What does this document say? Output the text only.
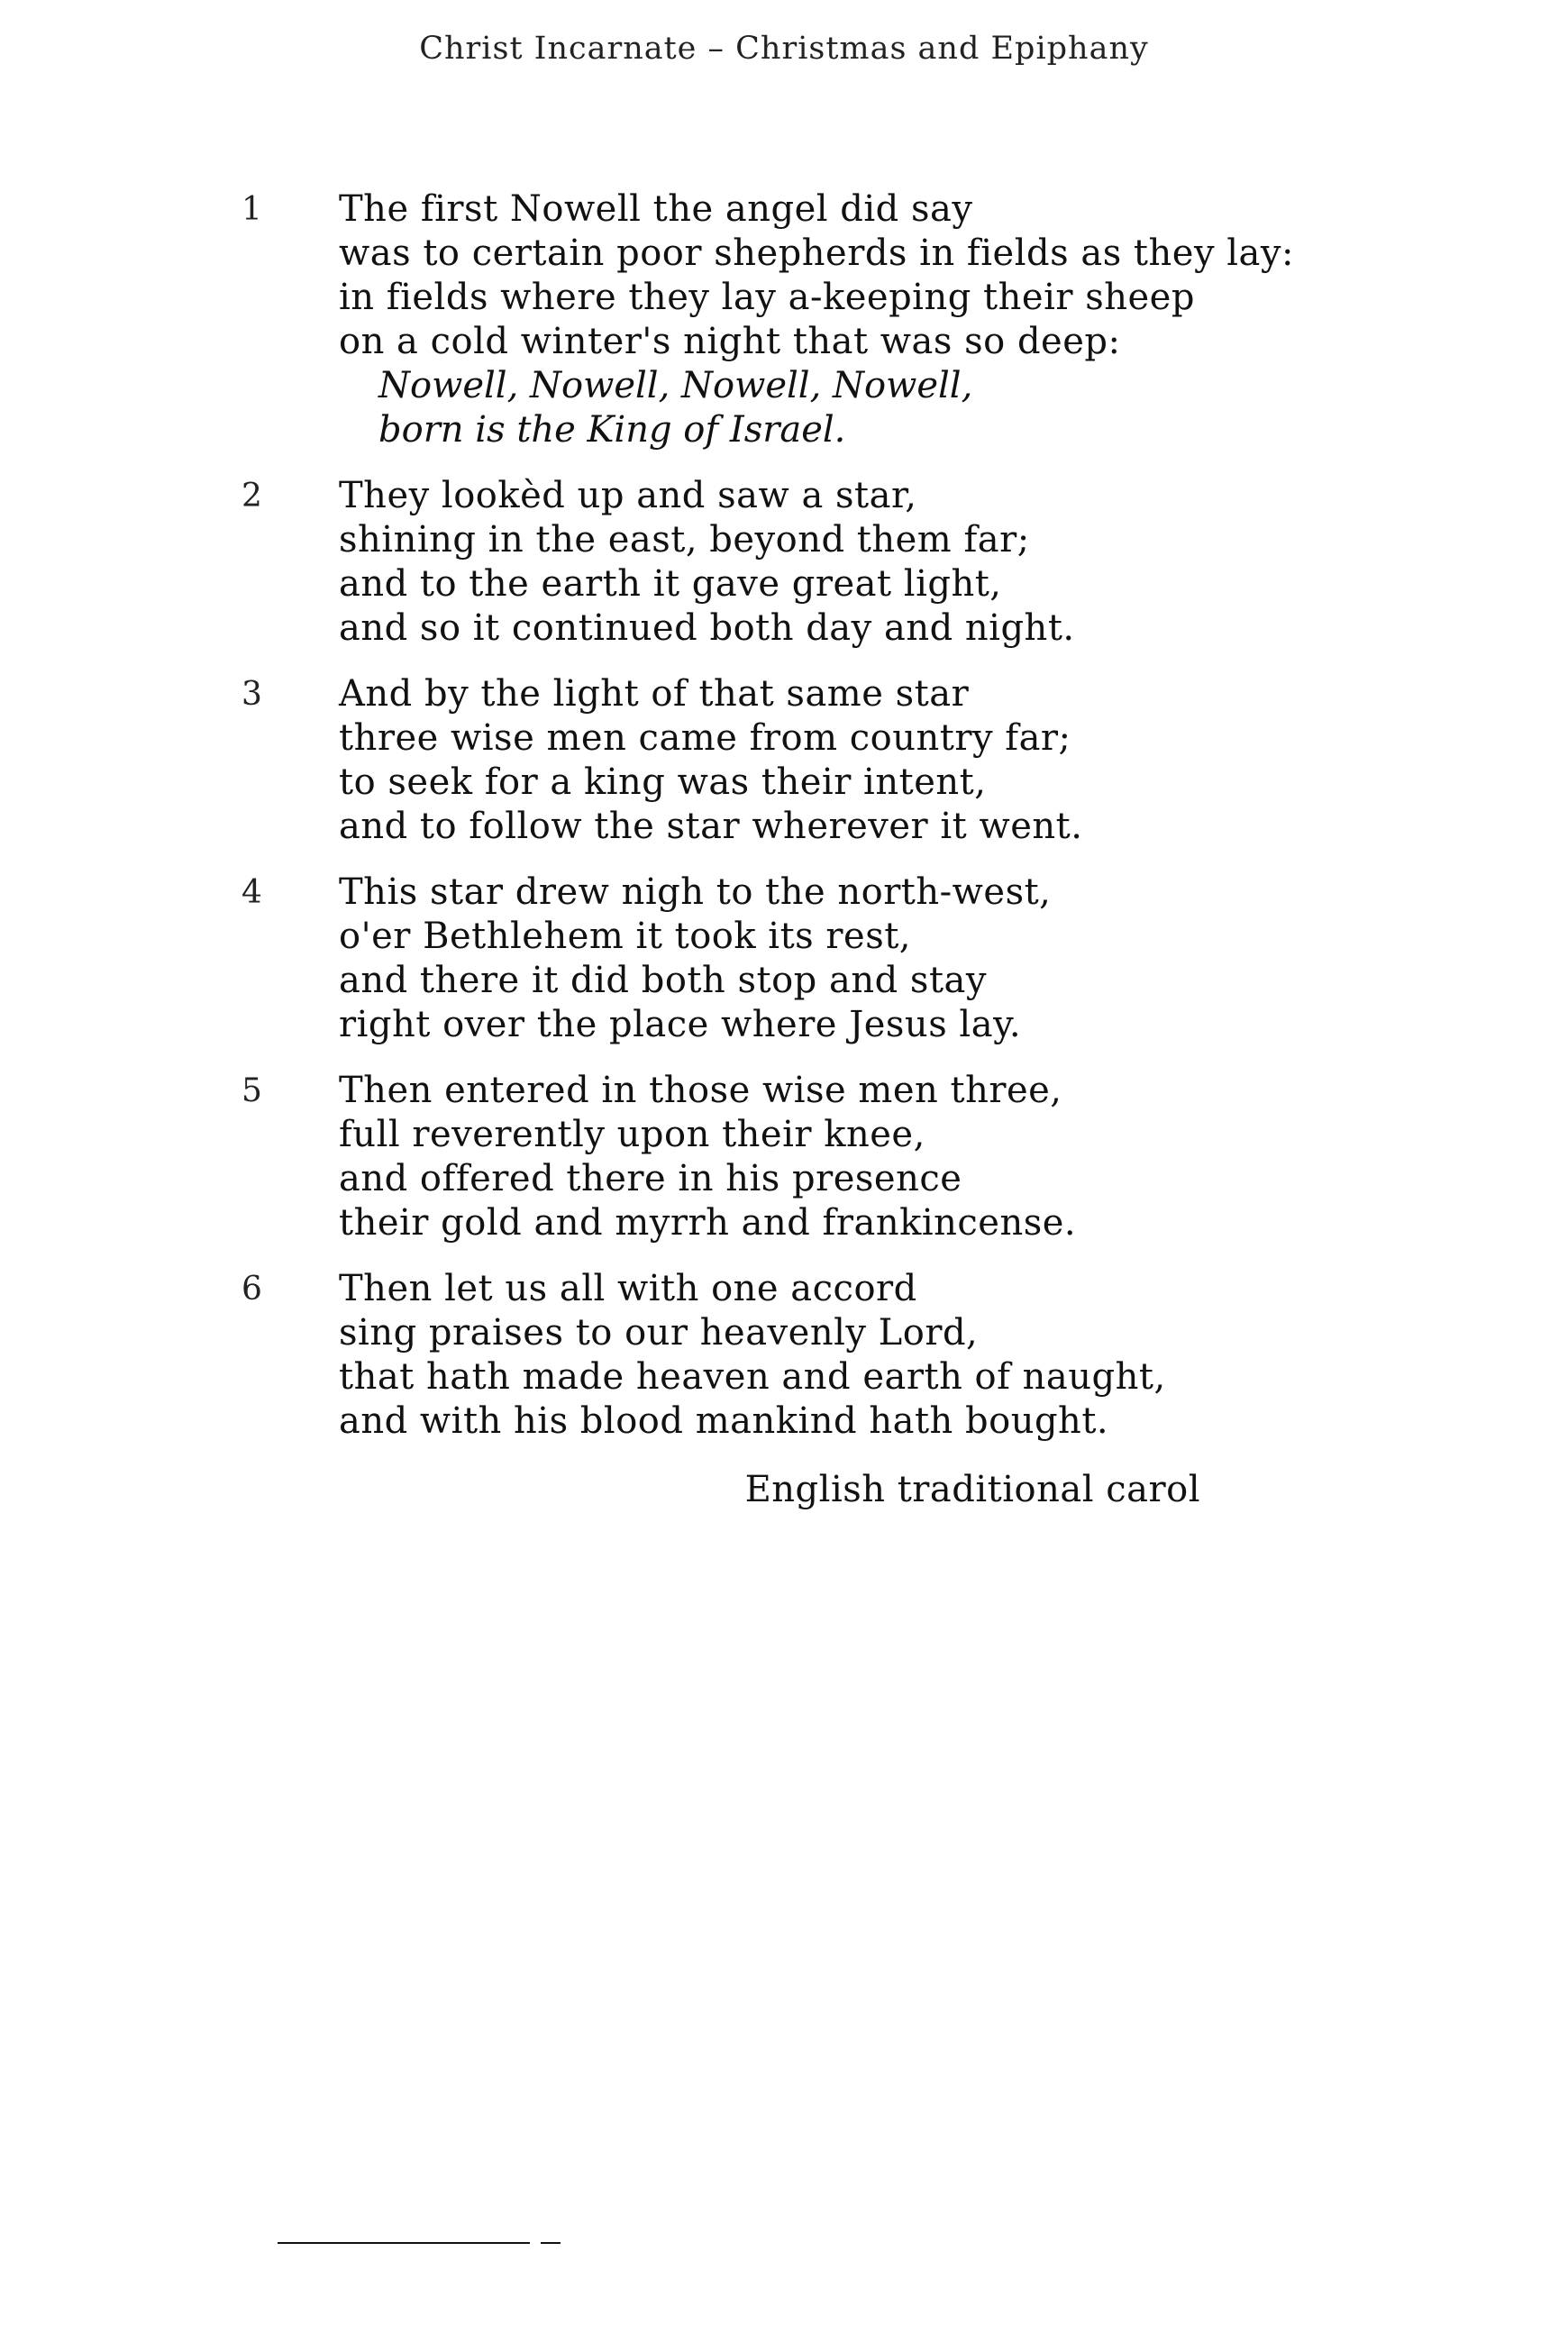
Christ Incarnate – Christmas and Epiphany
1 The first Nowell the angel did say
was to certain poor shepherds in fields as they lay:
in fields where they lay a-keeping their sheep
on a cold winter's night that was so deep:
Nowell, Nowell, Nowell, Nowell,
born is the King of Israel.
2 They lookèd up and saw a star,
shining in the east, beyond them far;
and to the earth it gave great light,
and so it continued both day and night.
3 And by the light of that same star
three wise men came from country far;
to seek for a king was their intent,
and to follow the star wherever it went.
4 This star drew nigh to the north-west,
o'er Bethlehem it took its rest,
and there it did both stop and stay
right over the place where Jesus lay.
5 Then entered in those wise men three,
full reverently upon their knee,
and offered there in his presence
their gold and myrrh and frankincense.
6 Then let us all with one accord
sing praises to our heavenly Lord,
that hath made heaven and earth of naught,
and with his blood mankind hath bought.
English traditional carol
